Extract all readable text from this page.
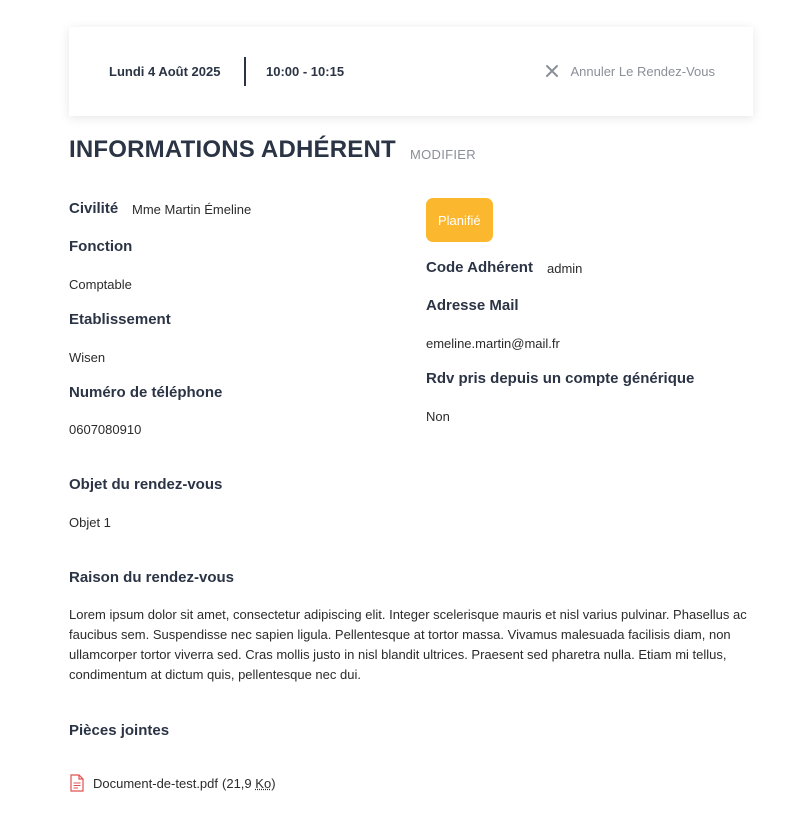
Lundi 4 Août 2025	10:00 - 10:15	Annuler Le Rendez-Vous
INFORMATIONS ADHÉRENT MODIFIER
Civilité Mme Martin Émeline
Fonction
Comptable
Etablissement
Wisen
Numéro de téléphone
0607080910
Planifié
Code Adhérent admin
Adresse Mail
emeline.martin@mail.fr
Rdv pris depuis un compte générique
Non
Objet du rendez-vous
Objet 1
Raison du rendez-vous

Lorem ipsum dolor sit amet, consectetur adipiscing elit. Integer scelerisque mauris et nisl varius pulvinar. Phasellus ac faucibus sem. Suspendisse nec sapien ligula. Pellentesque at tortor massa. Vivamus malesuada facilisis diam, non ullamcorper tortor viverra sed. Cras mollis justo in nisl blandit ultrices. Praesent sed pharetra nulla. Etiam mi tellus, condimentum at dictum quis, pellentesque nec dui.

Pièces jointes
Document-de-test.pdf (21,9 Ko)
